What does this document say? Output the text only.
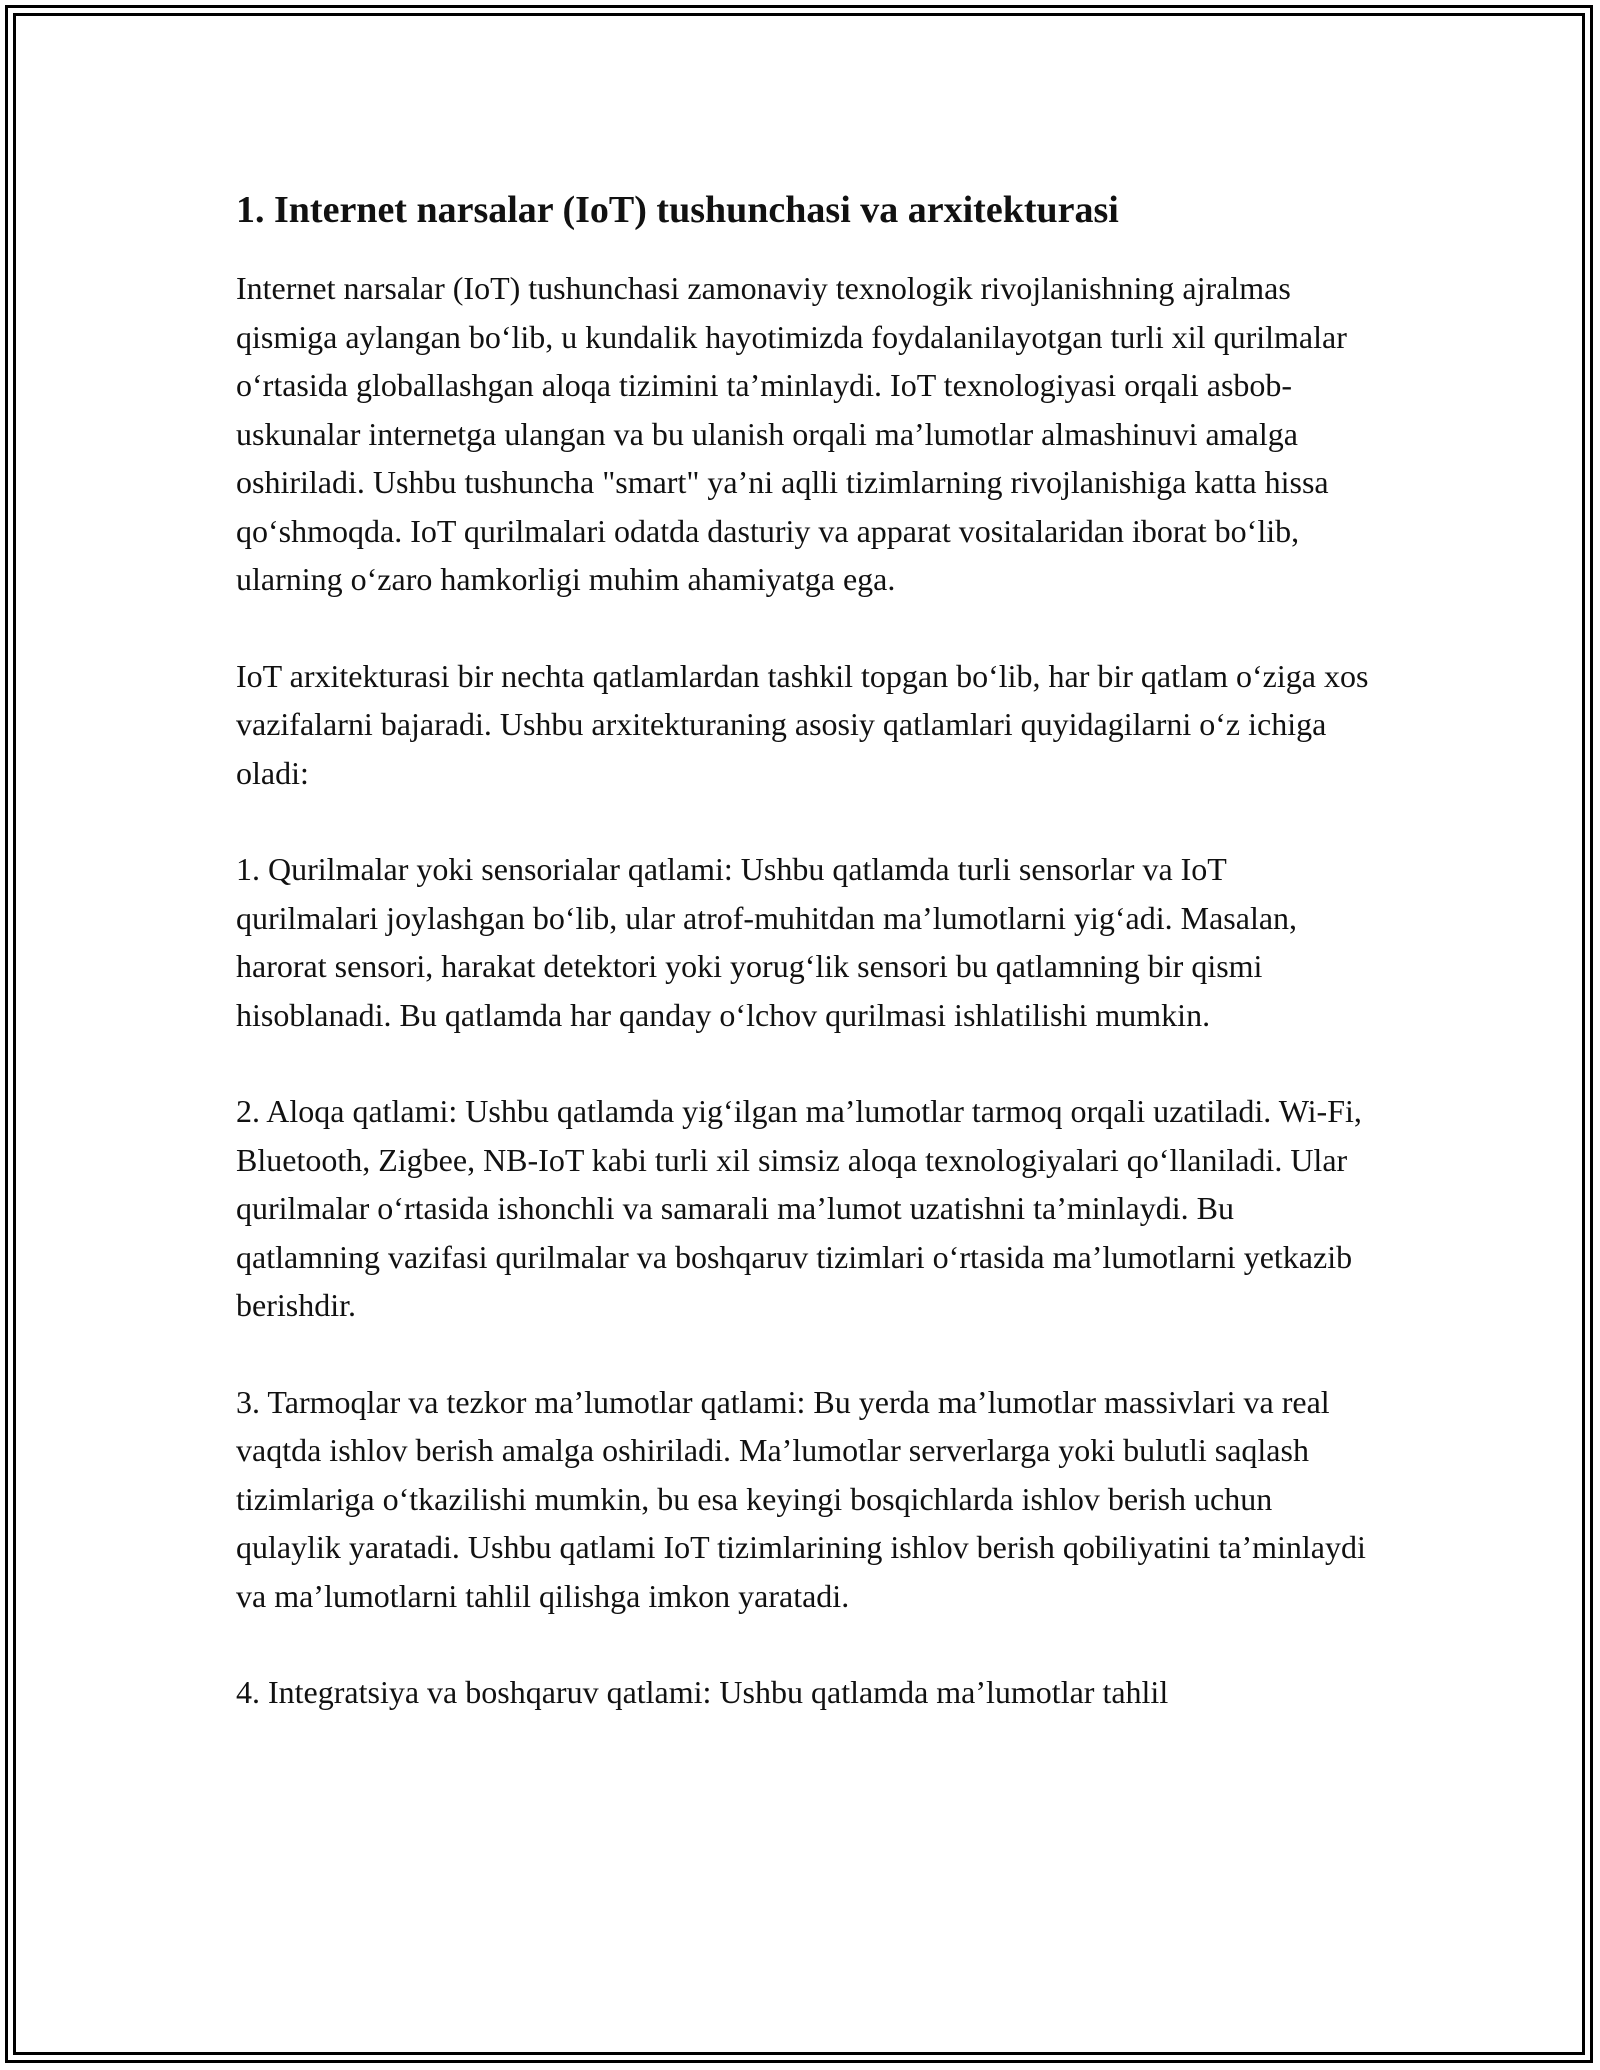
1. Internet narsalar (IoT) tushunchasi va arxitekturasi

Internet narsalar (IoT) tushunchasi zamonaviy texnologik rivojlanishning ajralmas qismiga aylangan bo‘lib, u kundalik hayotimizda foydalanilayotgan turli xil qurilmalar o‘rtasida globallashgan aloqa tizimini ta’minlaydi. IoT texnologiyasi orqali asbob-uskunalar internetga ulangan va bu ulanish orqali ma’lumotlar almashinuvi amalga oshiriladi. Ushbu tushuncha "smart" ya’ni aqlli tizimlarning rivojlanishiga katta hissa qo‘shmoqda. IoT qurilmalari odatda dasturiy va apparat vositalaridan iborat bo‘lib, ularning o‘zaro hamkorligi muhim ahamiyatga ega.

IoT arxitekturasi bir nechta qatlamlardan tashkil topgan bo‘lib, har bir qatlam o‘ziga xos vazifalarni bajaradi. Ushbu arxitekturaning asosiy qatlamlari quyidagilarni o‘z ichiga oladi:

1. Qurilmalar yoki sensorialar qatlami: Ushbu qatlamda turli sensorlar va IoT qurilmalari joylashgan bo‘lib, ular atrof-muhitdan ma’lumotlarni yig‘adi. Masalan, harorat sensori, harakat detektori yoki yorug‘lik sensori bu qatlamning bir qismi hisoblanadi. Bu qatlamda har qanday o‘lchov qurilmasi ishlatilishi mumkin.

2. Aloqa qatlami: Ushbu qatlamda yig‘ilgan ma’lumotlar tarmoq orqali uzatiladi. Wi-Fi, Bluetooth, Zigbee, NB-IoT kabi turli xil simsiz aloqa texnologiyalari qo‘llaniladi. Ular qurilmalar o‘rtasida ishonchli va samarali ma’lumot uzatishni ta’minlaydi. Bu qatlamning vazifasi qurilmalar va boshqaruv tizimlari o‘rtasida ma’lumotlarni yetkazib berishdir.

3. Tarmoqlar va tezkor ma’lumotlar qatlami: Bu yerda ma’lumotlar massivlari va real vaqtda ishlov berish amalga oshiriladi. Ma’lumotlar serverlarga yoki bulutli saqlash tizimlariga o‘tkazilishi mumkin, bu esa keyingi bosqichlarda ishlov berish uchun qulaylik yaratadi. Ushbu qatlami IoT tizimlarining ishlov berish qobiliyatini ta’minlaydi va ma’lumotlarni tahlil qilishga imkon yaratadi.

4. Integratsiya va boshqaruv qatlami: Ushbu qatlamda ma’lumotlar tahlil
